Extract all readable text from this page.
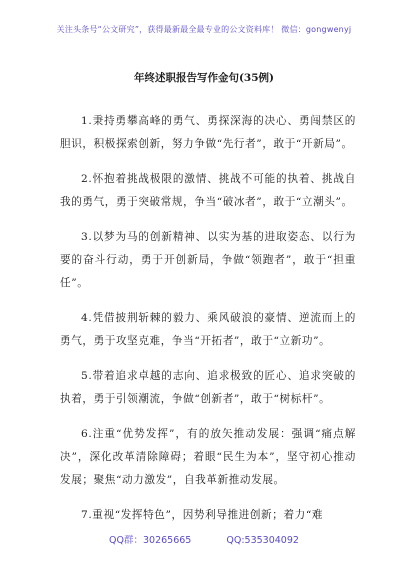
关注头条号“公文研究”，获得最新最全最专业的公文资料库！ 微信：gongwenyj
年终述职报告写作金句(35例)

1.秉持勇攀高峰的勇气、勇探深海的决心、勇闯禁区的胆识，积极探索创新，努力争做“先行者”，敢于“开新局”。

2.怀抱着挑战极限的激情、挑战不可能的执着、挑战自我的勇气，勇于突破常规，争当“破冰者”，敢于“立潮头”。

3.以梦为马的创新精神、以实为基的进取姿态、以行为要的奋斗行动，勇于开创新局，争做“领跑者”，敢于“担重任”。

4.凭借披荆斩棘的毅力、乘风破浪的豪情、逆流而上的勇气，勇于攻坚克难，争当“开拓者”，敢于“立新功”。

5.带着追求卓越的志向、追求极致的匠心、追求突破的执着，勇于引领潮流，争做“创新者”，敢于“树标杆”。

6.注重“优势发挥”，有的放矢推动发展：强调“痛点解决”，深化改革清除障碍；着眼“民生为本”，坚守初心推动发展；聚焦“动力激发”，自我革新推动发展。

7.重视“发挥特色”，因势利导推进创新；着力“难

QQ群：30265665	QQ:535304092
